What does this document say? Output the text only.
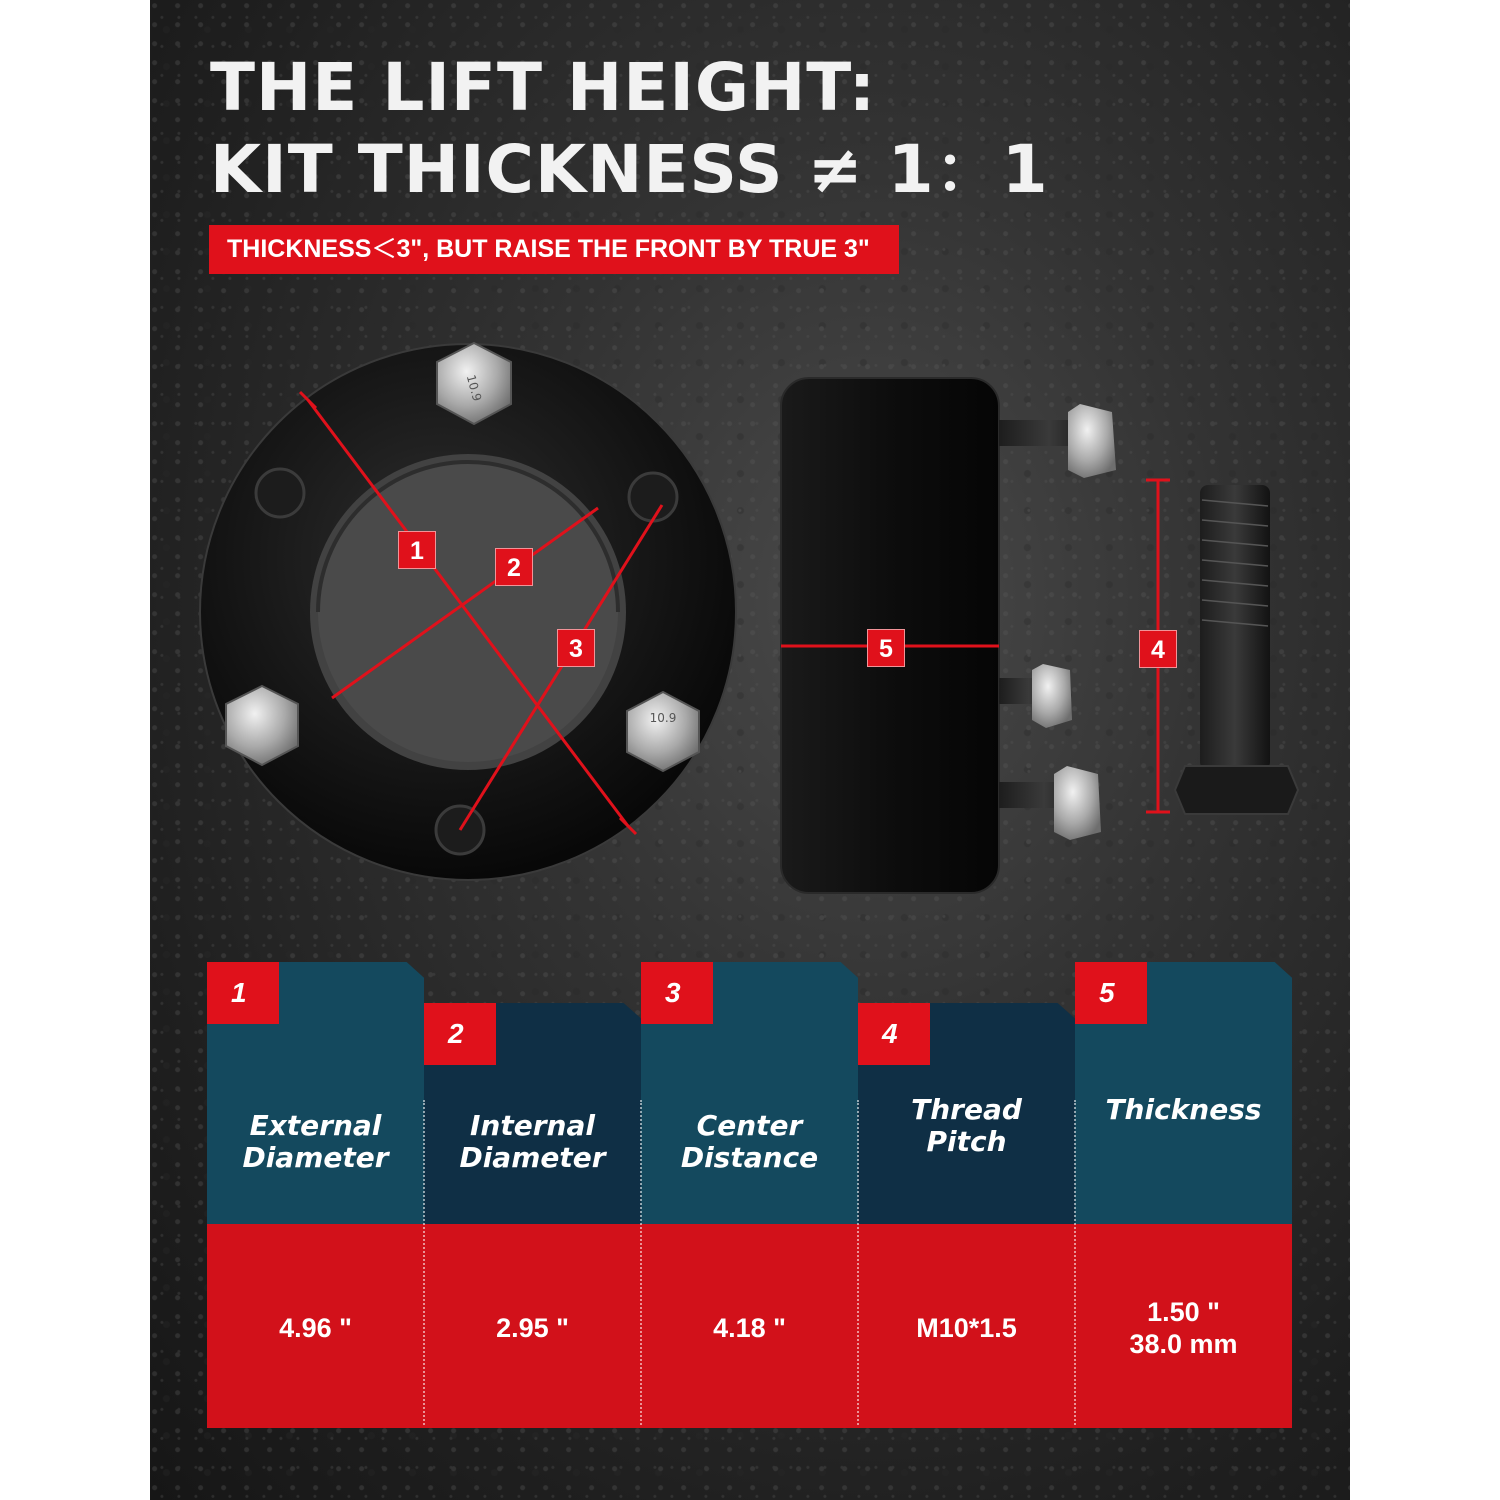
THE LIFT HEIGHT:
KIT THICKNESS ≠ 1：1
THICKNESS＜3", BUT RAISE THE FRONT BY TRUE 3"
10.9
10.9
1
2
3	4
5
1
External
Diameter
4.96 "
2
Internal
Diameter
2.95 "
3
Center
Distance
4.18 "
4
Thread
Pitch
M10*1.5
5
Thickness
1.50 "
38.0 mm
